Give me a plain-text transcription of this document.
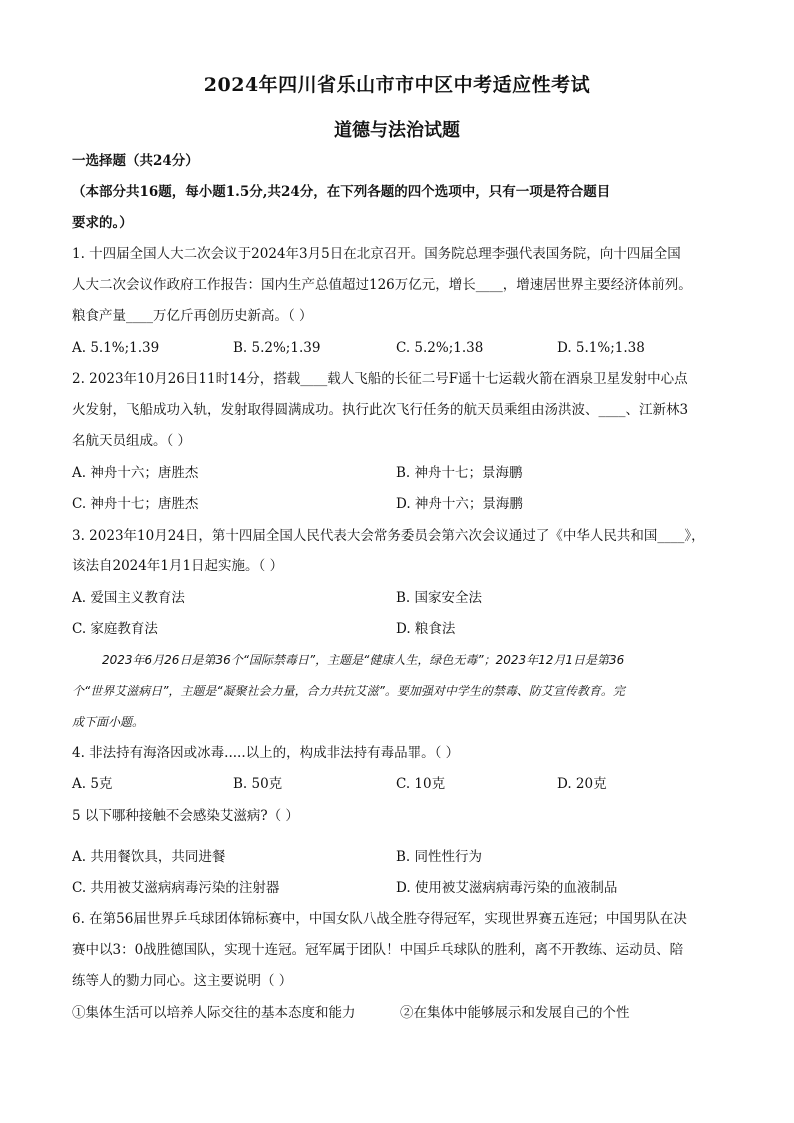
2024年四川省乐山市市中区中考适应性考试
道德与法治试题
一选择题（共24分）
（本部分共16题，每小题1.5分,共24分，在下列各题的四个选项中，只有一项是符合题目
要求的。）
1. 十四届全国人大二次会议于2024年3月5日在北京召开。国务院总理李强代表国务院，向十四届全国
人大二次会议作政府工作报告：国内生产总值超过126万亿元，增长____，增速居世界主要经济体前列。
粮食产量____万亿斤再创历史新高。（ ）
A. 5.1%;1.39	B. 5.2%;1.39	C. 5.2%;1.38	D. 5.1%;1.38
2. 2023年10月26日11时14分，搭载____载人飞船的长征二号F遥十七运载火箭在酒泉卫星发射中心点
火发射，飞船成功入轨，发射取得圆满成功。执行此次飞行任务的航天员乘组由汤洪波、____、江新林3
名航天员组成。（ ）
A. 神舟十六；唐胜杰	B. 神舟十七；景海鹏
C. 神舟十七；唐胜杰	D. 神舟十六；景海鹏
3. 2023年10月24日，第十四届全国人民代表大会常务委员会第六次会议通过了《中华人民共和国____》，
该法自2024年1月1日起实施。（ ）
A. 爱国主义教育法	B. 国家安全法
C. 家庭教育法	D. 粮食法
2023年6月26日是第36个“国际禁毒日”，主题是“健康人生，绿色无毒”；2023年12月1日是第36
个“世界艾滋病日”，主题是“凝聚社会力量，合力共抗艾滋”。要加强对中学生的禁毒、防艾宣传教育。完
成下面小题。
4. 非法持有海洛因或冰毒.....以上的，构成非法持有毒品罪。（ ）
A. 5克	B. 50克	C. 10克	D. 20克
5 以下哪种接触不会感染艾滋病?（ ）
A. 共用餐饮具，共同进餐	B. 同性性行为
C. 共用被艾滋病病毒污染的注射器	D. 使用被艾滋病病毒污染的血液制品
6. 在第56届世界乒乓球团体锦标赛中，中国女队八战全胜夺得冠军，实现世界赛五连冠；中国男队在决
赛中以3：0战胜德国队，实现十连冠。冠军属于团队！中国乒乓球队的胜利，离不开教练、运动员、陪
练等人的勠力同心。这主要说明（ ）
①集体生活可以培养人际交往的基本态度和能力	②在集体中能够展示和发展自己的个性
